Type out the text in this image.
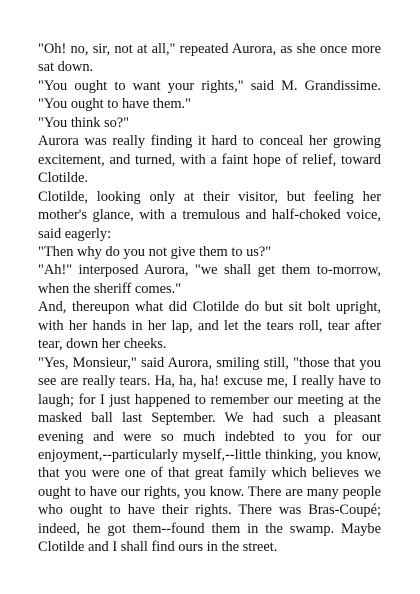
"Oh! no, sir, not at all," repeated Aurora, as she once more sat down.

"You ought to want your rights," said M. Grandissime. "You ought to have them."

"You think so?"

Aurora was really finding it hard to conceal her growing excitement, and turned, with a faint hope of relief, toward Clotilde.

Clotilde, looking only at their visitor, but feeling her mother's glance, with a tremulous and half-choked voice, said eagerly:

"Then why do you not give them to us?"

"Ah!" interposed Aurora, "we shall get them to-morrow, when the sheriff comes."

And, thereupon what did Clotilde do but sit bolt upright, with her hands in her lap, and let the tears roll, tear after tear, down her cheeks.

"Yes, Monsieur," said Aurora, smiling still, "those that you see are really tears. Ha, ha, ha! excuse me, I really have to laugh; for I just happened to remember our meeting at the masked ball last September. We had such a pleasant evening and were so much indebted to you for our enjoyment,--particularly myself,--little thinking, you know, that you were one of that great family which believes we ought to have our rights, you know. There are many people who ought to have their rights. There was Bras-Coupé; indeed, he got them--found them in the swamp. Maybe Clotilde and I shall find ours in the street.
